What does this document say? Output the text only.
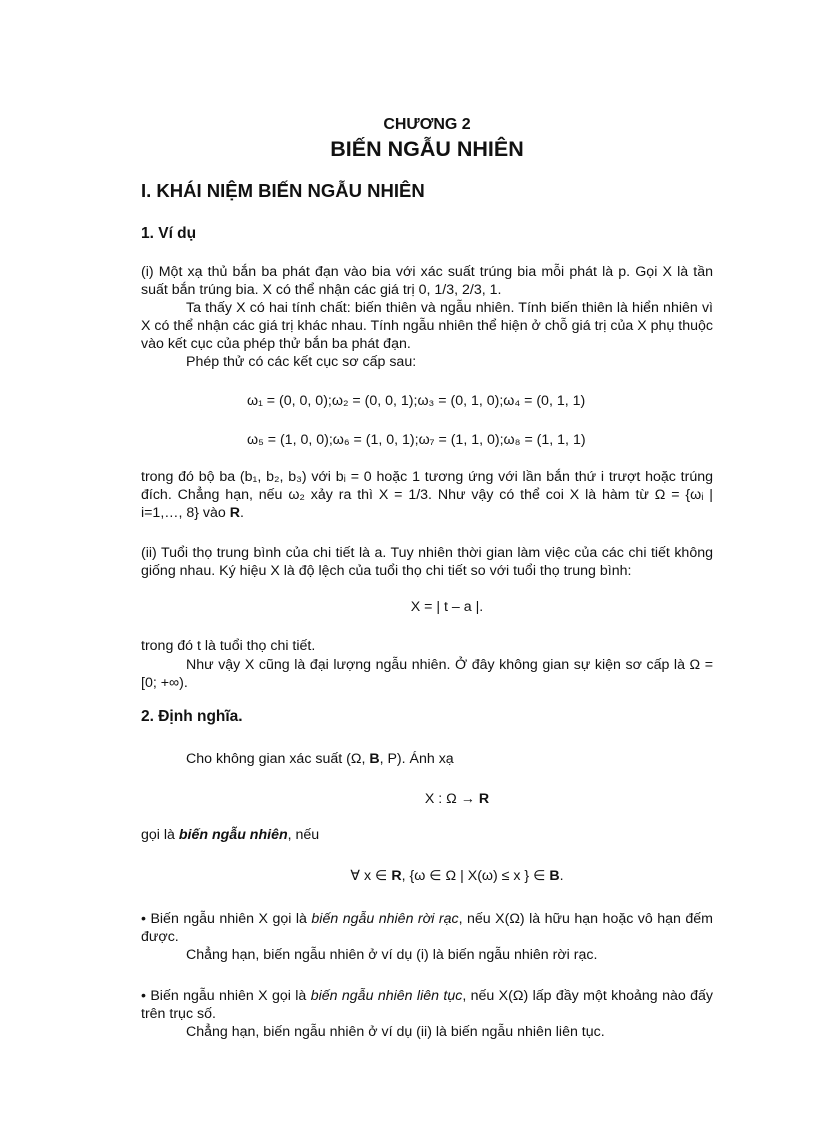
CHƯƠNG 2
BIẾN NGẪU NHIÊN
I. KHÁI NIỆM BIẾN NGẪU NHIÊN
1. Ví dụ
(i) Một xạ thủ bắn ba phát đạn vào bia với xác suất trúng bia mỗi phát là p. Gọi X là tần suất bắn trúng bia. X có thể nhận các giá trị 0, 1/3, 2/3, 1.
Ta thấy X có hai tính chất: biến thiên và ngẫu nhiên. Tính biến thiên là hiển nhiên vì X có thể nhận các giá trị khác nhau. Tính ngẫu nhiên thể hiện ở chỗ giá trị của X phụ thuộc vào kết cục của phép thử bắn ba phát đạn.
Phép thử có các kết cục sơ cấp sau:
ω₁ = (0, 0, 0);ω₂ = (0, 0, 1);ω₃ = (0, 1, 0);ω₄ = (0, 1, 1)
ω₅ = (1, 0, 0);ω₆ = (1, 0, 1);ω₇ = (1, 1, 0);ω₈ = (1, 1, 1)
trong đó bộ ba (b₁, b₂, b₃) với bᵢ = 0 hoặc 1 tương ứng với lần bắn thứ i trượt hoặc trúng đích. Chẳng hạn, nếu ω₂ xảy ra thì X = 1/3. Như vậy có thể coi X là hàm từ Ω = {ωᵢ | i=1,…, 8} vào R.
(ii) Tuổi thọ trung bình của chi tiết là a. Tuy nhiên thời gian làm việc của các chi tiết không giống nhau. Ký hiệu X là độ lệch của tuổi thọ chi tiết so với tuổi thọ trung bình:
X = | t – a |.
trong đó t là tuổi thọ chi tiết.
Như vậy X cũng là đại lượng ngẫu nhiên. Ở đây không gian sự kiện sơ cấp là Ω = [0; +∞).
2. Định nghĩa.
Cho không gian xác suất (Ω, B, P). Ánh xạ
X : Ω → R
gọi là biến ngẫu nhiên, nếu
∀ x ∈ R, {ω ∈ Ω | X(ω) ≤ x } ∈ B.
• Biến ngẫu nhiên X gọi là biến ngẫu nhiên rời rạc, nếu X(Ω) là hữu hạn hoặc vô hạn đếm được.
Chẳng hạn, biến ngẫu nhiên ở ví dụ (i) là biến ngẫu nhiên rời rạc.
• Biến ngẫu nhiên X gọi là biến ngẫu nhiên liên tục, nếu X(Ω) lấp đầy một khoảng nào đấy trên trục số.
Chẳng hạn, biến ngẫu nhiên ở ví dụ (ii) là biến ngẫu nhiên liên tục.
